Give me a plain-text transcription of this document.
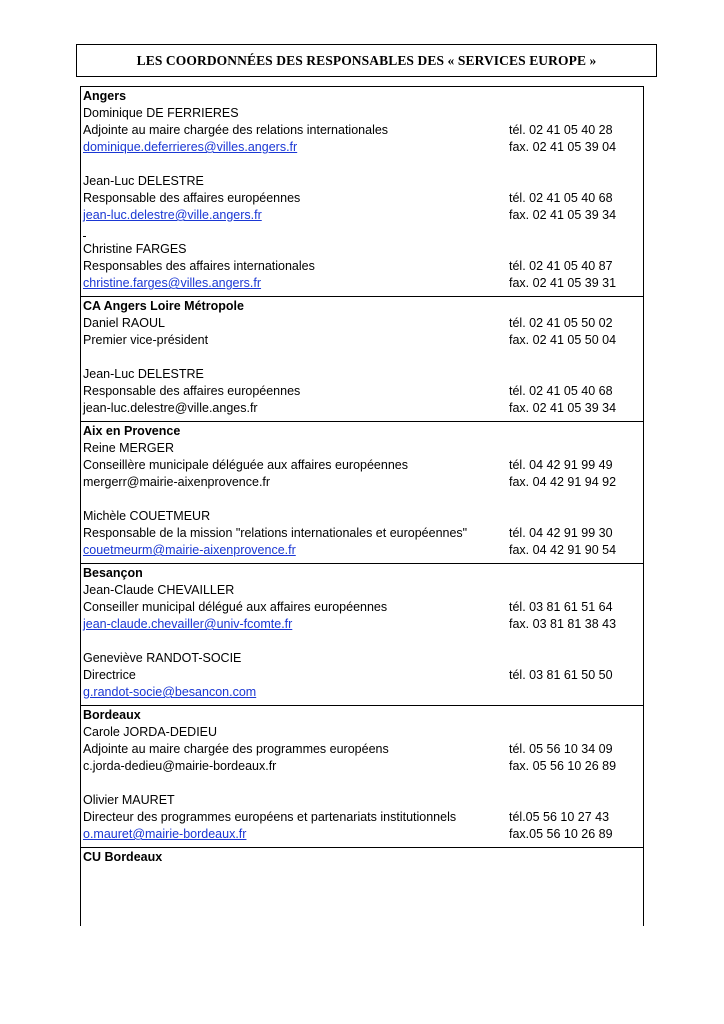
LES COORDONNÉES DES RESPONSABLES DES « SERVICES EUROPE »
Angers
Dominique DE FERRIERES
Adjointe au maire chargée des relations internationales	tél. 02 41 05 40 28
dominique.deferrieres@villes.angers.fr	fax. 02 41 05 39 04
Jean-Luc DELESTRE
Responsable des affaires européennes	tél. 02 41 05 40 68
jean-luc.delestre@ville.angers.fr	fax. 02 41 05 39 34
Christine FARGES
Responsables des affaires internationales	tél. 02 41 05 40 87
christine.farges@villes.angers.fr	fax. 02 41 05 39 31
CA Angers Loire Métropole
Daniel RAOUL	tél. 02 41 05 50 02
Premier vice-président	fax. 02 41 05 50 04
Jean-Luc DELESTRE
Responsable des affaires européennes	tél. 02 41 05 40 68
jean-luc.delestre@ville.anges.fr	fax. 02 41 05 39 34
Aix en Provence
Reine MERGER
Conseillère municipale déléguée aux affaires européennes	tél. 04 42 91 99 49
mergerr@mairie-aixenprovence.fr	fax. 04 42 91 94 92
Michèle COUETMEUR
Responsable de la mission "relations internationales et européennes"	tél. 04 42 91 99 30
couetmeurm@mairie-aixenprovence.fr	fax. 04 42 91 90 54
Besançon
Jean-Claude CHEVAILLER
Conseiller municipal délégué aux affaires européennes	tél. 03 81 61 51 64
jean-claude.chevailler@univ-fcomte.fr	fax. 03 81 81 38 43
Geneviève RANDOT-SOCIE
Directrice	tél. 03 81 61 50 50
g.randot-socie@besancon.com
Bordeaux
Carole JORDA-DEDIEU
Adjointe au maire chargée des programmes européens	tél. 05 56 10 34 09
c.jorda-dedieu@mairie-bordeaux.fr	fax. 05 56 10 26 89
Olivier MAURET
Directeur des programmes européens et partenariats institutionnels	tél.05 56 10 27 43
o.mauret@mairie-bordeaux.fr	fax.05 56 10 26 89
CU Bordeaux
